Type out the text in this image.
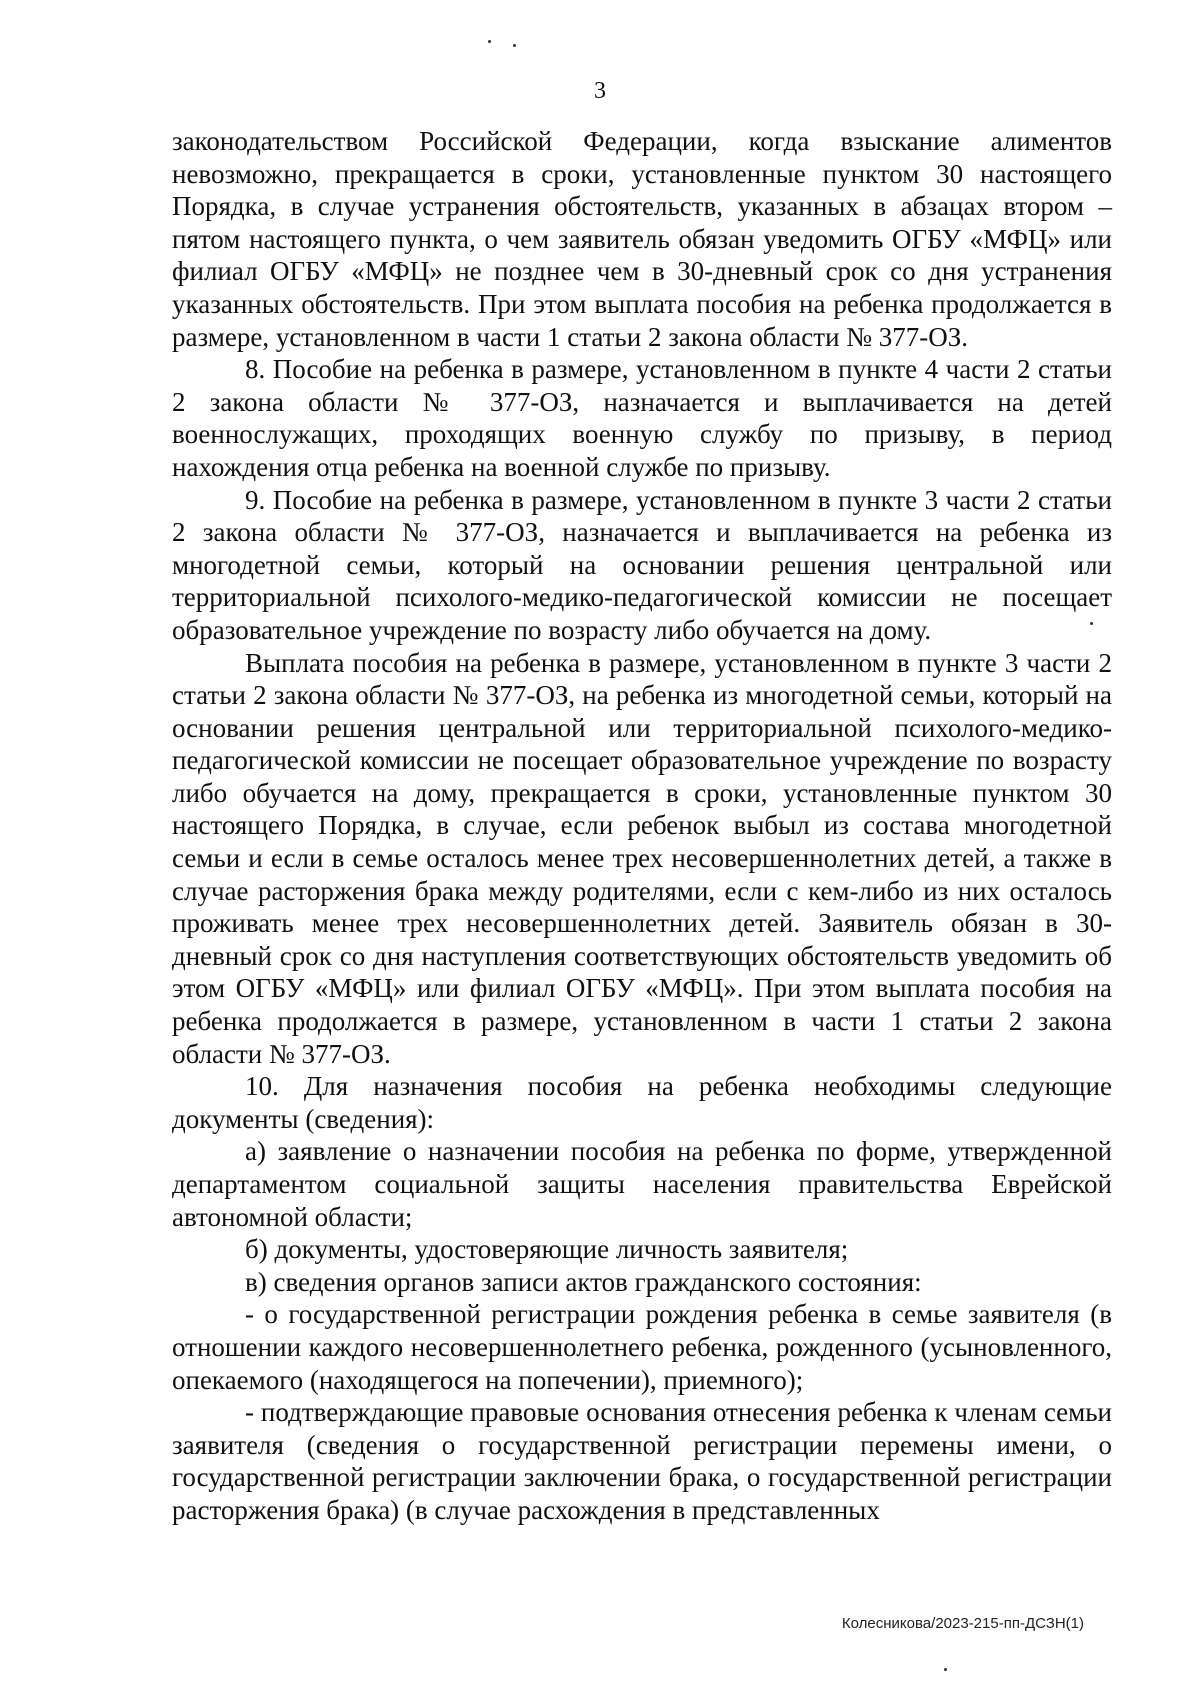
3

законодательством Российской Федерации, когда взыскание алиментов невозможно, прекращается в сроки, установленные пунктом 30 настоящего Порядка, в случае устранения обстоятельств, указанных в абзацах втором – пятом настоящего пункта, о чем заявитель обязан уведомить ОГБУ «МФЦ» или филиал ОГБУ «МФЦ» не позднее чем в 30-дневный срок со дня устранения указанных обстоятельств. При этом выплата пособия на ребенка продолжается в размере, установленном в части 1 статьи 2 закона области № 377-ОЗ.

8. Пособие на ребенка в размере, установленном в пункте 4 части 2 статьи 2 закона области № 377-ОЗ, назначается и выплачивается на детей военнослужащих, проходящих военную службу по призыву, в период нахождения отца ребенка на военной службе по призыву.

9. Пособие на ребенка в размере, установленном в пункте 3 части 2 статьи 2 закона области № 377-ОЗ, назначается и выплачивается на ребенка из многодетной семьи, который на основании решения центральной или территориальной психолого-медико-педагогической комиссии не посещает образовательное учреждение по возрасту либо обучается на дому.

Выплата пособия на ребенка в размере, установленном в пункте 3 части 2 статьи 2 закона области № 377-ОЗ, на ребенка из многодетной семьи, который на основании решения центральной или территориальной психолого-медико-педагогической комиссии не посещает образовательное учреждение по возрасту либо обучается на дому, прекращается в сроки, установленные пунктом 30 настоящего Порядка, в случае, если ребенок выбыл из состава многодетной семьи и если в семье осталось менее трех несовершеннолетних детей, а также в случае расторжения брака между родителями, если с кем-либо из них осталось проживать менее трех несовершеннолетних детей. Заявитель обязан в 30-дневный срок со дня наступления соответствующих обстоятельств уведомить об этом ОГБУ «МФЦ» или филиал ОГБУ «МФЦ». При этом выплата пособия на ребенка продолжается в размере, установленном в части 1 статьи 2 закона области № 377-ОЗ.

10. Для назначения пособия на ребенка необходимы следующие документы (сведения):

а) заявление о назначении пособия на ребенка по форме, утвержденной департаментом социальной защиты населения правительства Еврейской автономной области;

б) документы, удостоверяющие личность заявителя;

в) сведения органов записи актов гражданского состояния:

- о государственной регистрации рождения ребенка в семье заявителя (в отношении каждого несовершеннолетнего ребенка, рожденного (усыновленного, опекаемого (находящегося на попечении), приемного);

- подтверждающие правовые основания отнесения ребенка к членам семьи заявителя (сведения о государственной регистрации перемены имени, о государственной регистрации заключении брака, о государственной регистрации расторжения брака) (в случае расхождения в представленных

Колесникова/2023-215-пп-ДСЗН(1)
